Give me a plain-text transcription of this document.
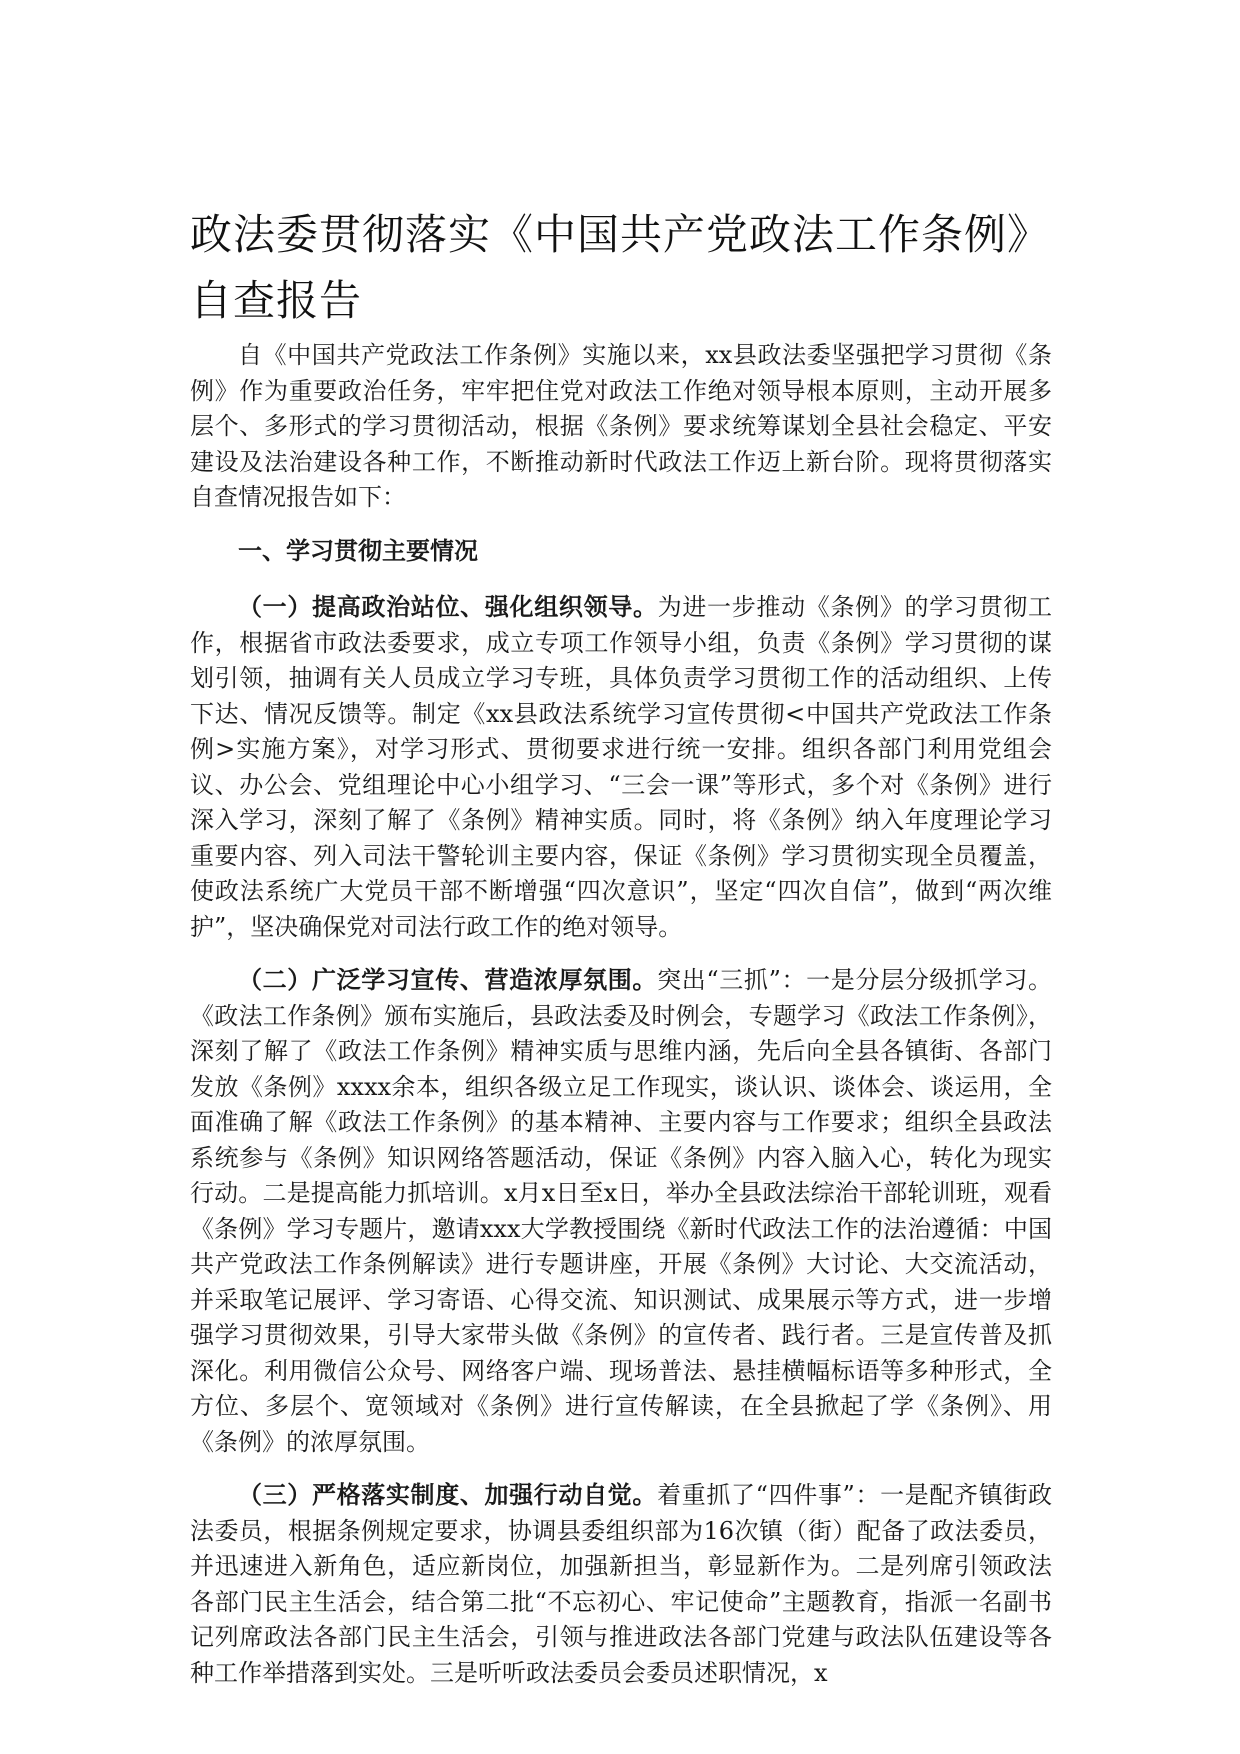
政法委贯彻落实《中国共产党政法工作条例》自查报告

自《中国共产党政法工作条例》实施以来，xx县政法委坚强把学习贯彻《条例》作为重要政治任务，牢牢把住党对政法工作绝对领导根本原则，主动开展多层个、多形式的学习贯彻活动，根据《条例》要求统筹谋划全县社会稳定、平安建设及法治建设各种工作，不断推动新时代政法工作迈上新台阶。现将贯彻落实自查情况报告如下：

一、学习贯彻主要情况

（一）提高政治站位、强化组织领导。为进一步推动《条例》的学习贯彻工作，根据省市政法委要求，成立专项工作领导小组，负责《条例》学习贯彻的谋划引领，抽调有关人员成立学习专班，具体负责学习贯彻工作的活动组织、上传下达、情况反馈等。制定《xx县政法系统学习宣传贯彻<中国共产党政法工作条例>实施方案》，对学习形式、贯彻要求进行统一安排。组织各部门利用党组会议、办公会、党组理论中心小组学习、“三会一课”等形式，多个对《条例》进行深入学习，深刻了解了《条例》精神实质。同时，将《条例》纳入年度理论学习重要内容、列入司法干警轮训主要内容，保证《条例》学习贯彻实现全员覆盖，使政法系统广大党员干部不断增强“四次意识”，坚定“四次自信”，做到“两次维护”，坚决确保党对司法行政工作的绝对领导。

（二）广泛学习宣传、营造浓厚氛围。突出“三抓”：一是分层分级抓学习。《政法工作条例》颁布实施后，县政法委及时例会，专题学习《政法工作条例》，深刻了解了《政法工作条例》精神实质与思维内涵，先后向全县各镇街、各部门发放《条例》xxxx余本，组织各级立足工作现实，谈认识、谈体会、谈运用，全面准确了解《政法工作条例》的基本精神、主要内容与工作要求；组织全县政法系统参与《条例》知识网络答题活动，保证《条例》内容入脑入心，转化为现实行动。二是提高能力抓培训。x月x日至x日，举办全县政法综治干部轮训班，观看《条例》学习专题片，邀请xxx大学教授围绕《新时代政法工作的法治遵循：中国共产党政法工作条例解读》进行专题讲座，开展《条例》大讨论、大交流活动，并采取笔记展评、学习寄语、心得交流、知识测试、成果展示等方式，进一步增强学习贯彻效果，引导大家带头做《条例》的宣传者、践行者。三是宣传普及抓深化。利用微信公众号、网络客户端、现场普法、悬挂横幅标语等多种形式，全方位、多层个、宽领域对《条例》进行宣传解读，在全县掀起了学《条例》、用《条例》的浓厚氛围。

（三）严格落实制度、加强行动自觉。着重抓了“四件事”：一是配齐镇街政法委员，根据条例规定要求，协调县委组织部为16次镇（街）配备了政法委员，并迅速进入新角色，适应新岗位，加强新担当，彰显新作为。二是列席引领政法各部门民主生活会，结合第二批“不忘初心、牢记使命”主题教育，指派一名副书记列席政法各部门民主生活会，引领与推进政法各部门党建与政法队伍建设等各种工作举措落到实处。三是听听政法委员会委员述职情况，x
